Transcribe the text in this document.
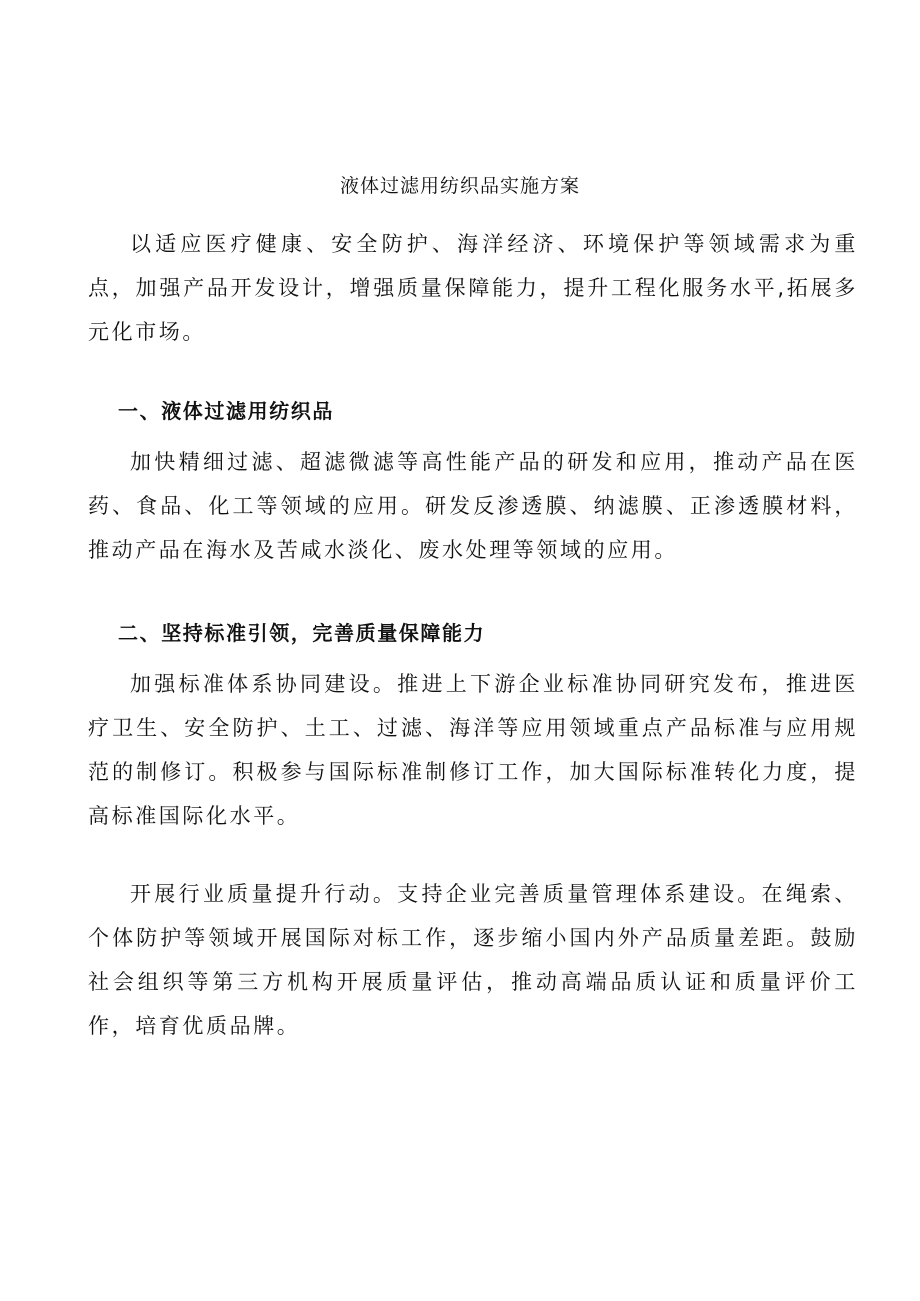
液体过滤用纺织品实施方案

以适应医疗健康、安全防护、海洋经济、环境保护等领域需求为重点，加强产品开发设计，增强质量保障能力，提升工程化服务水平,拓展多元化市场。

一、液体过滤用纺织品

加快精细过滤、超滤微滤等高性能产品的研发和应用，推动产品在医药、食品、化工等领域的应用。研发反渗透膜、纳滤膜、正渗透膜材料，推动产品在海水及苦咸水淡化、废水处理等领域的应用。

二、坚持标准引领，完善质量保障能力

加强标准体系协同建设。推进上下游企业标准协同研究发布，推进医疗卫生、安全防护、土工、过滤、海洋等应用领域重点产品标准与应用规范的制修订。积极参与国际标准制修订工作，加大国际标准转化力度，提高标准国际化水平。

开展行业质量提升行动。支持企业完善质量管理体系建设。在绳索、个体防护等领域开展国际对标工作，逐步缩小国内外产品质量差距。鼓励社会组织等第三方机构开展质量评估，推动高端品质认证和质量评价工作，培育优质品牌。
